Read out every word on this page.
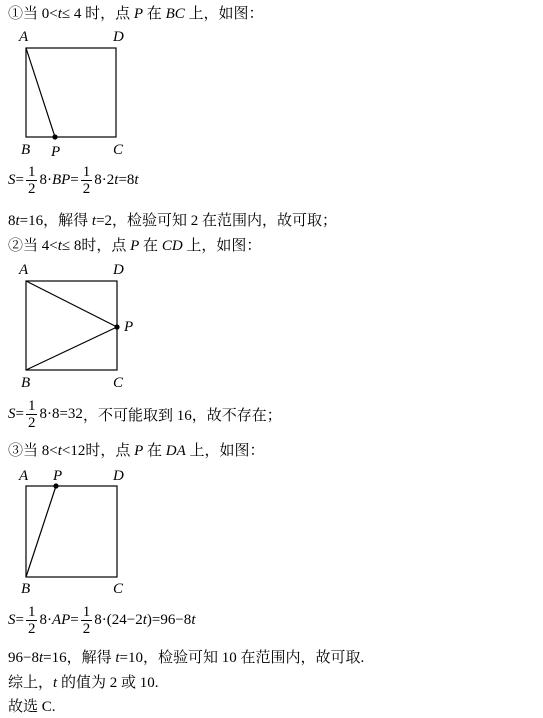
①当 0<t≤ 4 时，点 P 在 BC 上，如图：
A	D
B P	C
$S = \frac{1}{2} 8\cdot$ BP = $\frac{1}{2} 8\cdot 2$ t =8 t
8t=16，解得 t=2，检验可知 2 在范围内，故可取；
②当 4<t≤ 8时，点 P 在 CD 上，如图：
A	D
P
B	C
$S = \frac{1}{2} 8\cdot 8=32$ ，不可能取到 16，故不存在；
③当 8<t<12时，点 P 在 DA 上，如图：
A P	D
B	C
$S = \frac{1}{2} 8\cdot$ AP = $\frac{1}{2} 8\cdot(24-2$ t )=96−8 t
96−8t=16，解得 t=10，检验可知 10 在范围内，故可取.
综上，t 的值为 2 或 10.
故选 C.
